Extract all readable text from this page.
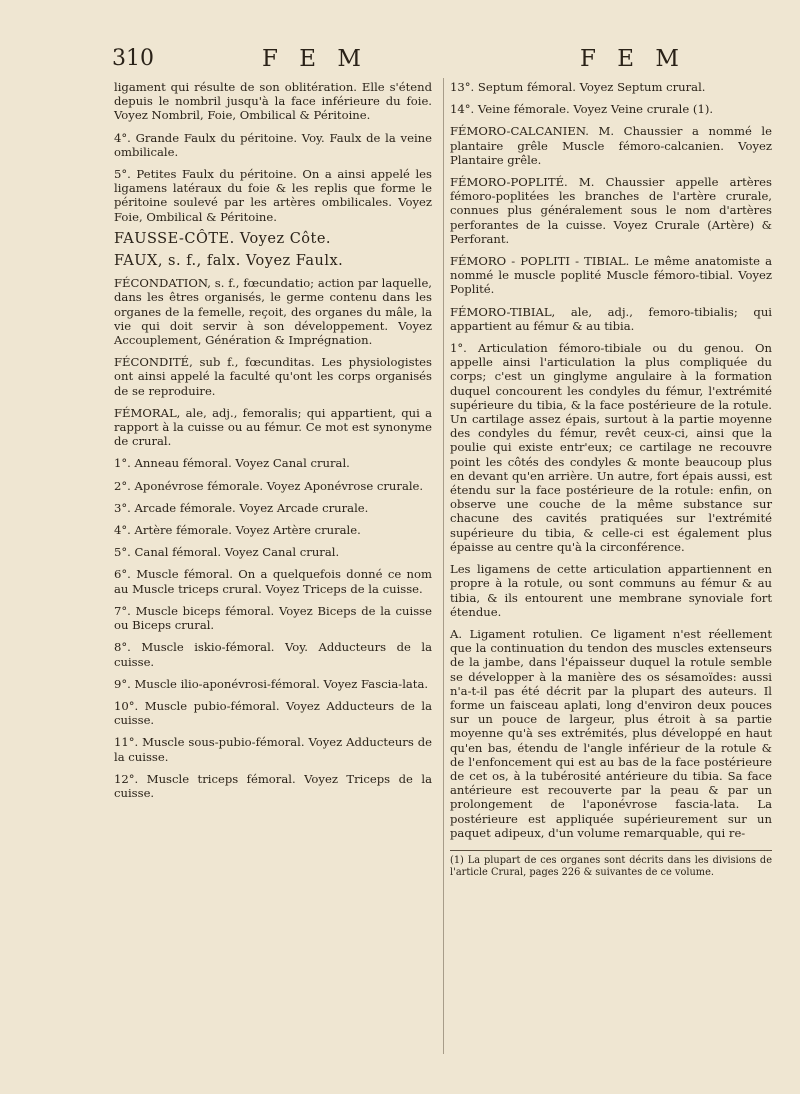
310	F E M	F E M
ligament qui résulte de son oblitération. Elle s'étend depuis le nombril jusqu'à la face inférieure du foie. Voyez Nombril, Foie, Ombilical & Péritoine.
4°. Grande Faulx du péritoine. Voy. Faulx de la veine ombilicale.
5°. Petites Faulx du péritoine. On a ainsi appelé les ligamens latéraux du foie & les replis que forme le péritoine soulevé par les artères ombilicales. Voyez Foie, Ombilical & Péritoine.
FAUSSE-CÔTE. Voyez Côte.
FAUX, s. f., falx. Voyez Faulx.
FÉCONDATION, s. f., fœcundatio; action par laquelle, dans les êtres organisés, le germe contenu dans les organes de la femelle, reçoit, des organes du mâle, la vie qui doit servir à son développement. Voyez Accouplement, Génération & Imprégnation.
FÉCONDITÉ, sub f., fœcunditas. Les physiologistes ont ainsi appelé la faculté qu'ont les corps organisés de se reproduire.
FÉMORAL, ale, adj., femoralis; qui appartient, qui a rapport à la cuisse ou au fémur. Ce mot est synonyme de crural.
1°. Anneau fémoral. Voyez Canal crural.
2°. Aponévrose fémorale. Voyez Aponévrose crurale.
3°. Arcade fémorale. Voyez Arcade crurale.
4°. Artère fémorale. Voyez Artère crurale.
5°. Canal fémoral. Voyez Canal crural.
6°. Muscle fémoral. On a quelquefois donné ce nom au Muscle triceps crural. Voyez Triceps de la cuisse.
7°. Muscle biceps fémoral. Voyez Biceps de la cuisse ou Biceps crural.
8°. Muscle iskio-fémoral. Voy. Adducteurs de la cuisse.
9°. Muscle ilio-aponévrosi-fémoral. Voyez Fascia-lata.
10°. Muscle pubio-fémoral. Voyez Adducteurs de la cuisse.
11°. Muscle sous-pubio-fémoral. Voyez Adducteurs de la cuisse.
12°. Muscle triceps fémoral. Voyez Triceps de la cuisse.
13°. Septum fémoral. Voyez Septum crural.
14°. Veine fémorale. Voyez Veine crurale (1).
FÉMORO-CALCANIEN. M. Chaussier a nommé le plantaire grêle Muscle fémoro-calcanien. Voyez Plantaire grêle.
FÉMORO-POPLITÉ. M. Chaussier appelle artères fémoro-poplitées les branches de l'artère crurale, connues plus généralement sous le nom d'artères perforantes de la cuisse. Voyez Crurale (Artère) & Perforant.
FÉMORO - POPLITI - TIBIAL. Le même anatomiste a nommé le muscle poplité Muscle fémoro-tibial. Voyez Poplité.
FÉMORO-TIBIAL, ale, adj., femoro-tibialis; qui appartient au fémur & au tibia.
1°. Articulation fémoro-tibiale ou du genou. On appelle ainsi l'articulation la plus compliquée du corps; c'est un ginglyme angulaire à la formation duquel concourent les condyles du fémur, l'extrémité supérieure du tibia, & la face postérieure de la rotule. Un cartilage assez épais, surtout à la partie moyenne des condyles du fémur, revêt ceux-ci, ainsi que la poulie qui existe entr'eux; ce cartilage ne recouvre point les côtés des condyles & monte beaucoup plus en devant qu'en arrière. Un autre, fort épais aussi, est étendu sur la face postérieure de la rotule: enfin, on observe une couche de la même substance sur chacune des cavités pratiquées sur l'extrémité supérieure du tibia, & celle-ci est également plus épaisse au centre qu'à la circonférence.
Les ligamens de cette articulation appartiennent en propre à la rotule, ou sont communs au fémur & au tibia, & ils entourent une membrane synoviale fort étendue.
A. Ligament rotulien. Ce ligament n'est réellement que la continuation du tendon des muscles extenseurs de la jambe, dans l'épaisseur duquel la rotule semble se développer à la manière des os sésamoïdes: aussi n'a-t-il pas été décrit par la plupart des auteurs. Il forme un faisceau aplati, long d'environ deux pouces sur un pouce de largeur, plus étroit à sa partie moyenne qu'à ses extrémités, plus développé en haut qu'en bas, étendu de l'angle inférieur de la rotule & de l'enfoncement qui est au bas de la face postérieure de cet os, à la tubérosité antérieure du tibia. Sa face antérieure est recouverte par la peau & par un prolongement de l'aponévrose fascia-lata. La postérieure est appliquée supérieurement sur un paquet adipeux, d'un volume remarquable, qui re-
(1) La plupart de ces organes sont décrits dans les divisions de l'article Crural, pages 226 & suivantes de ce volume.
